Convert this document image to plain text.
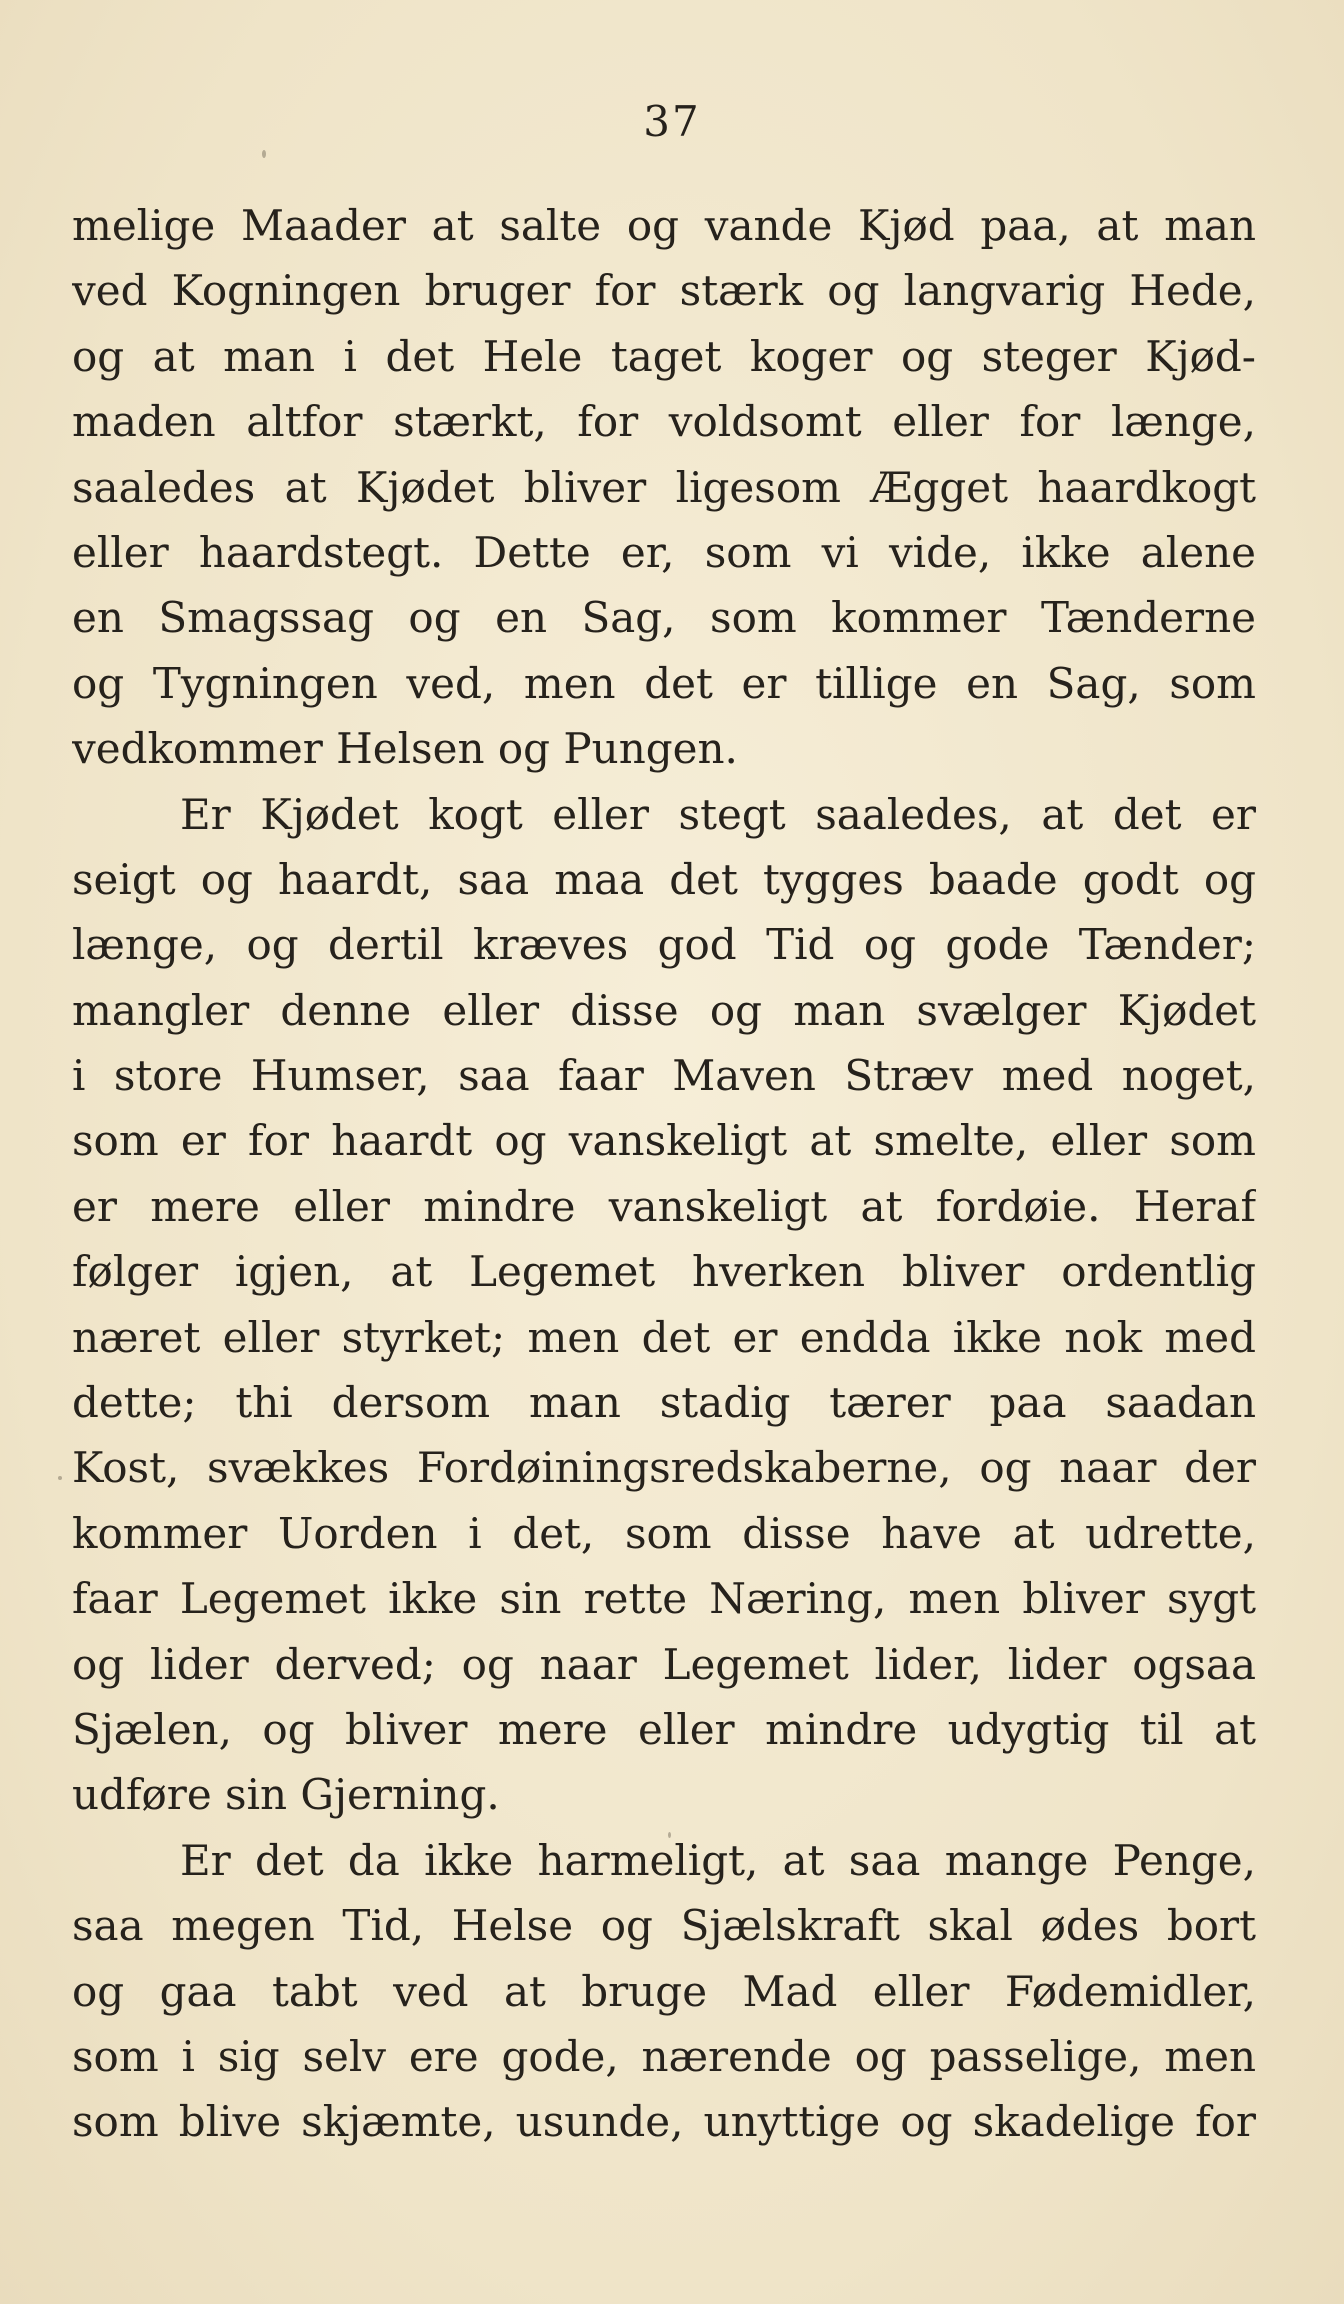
37
melige Maader at salte og vande Kjød paa, at man
ved Kogningen bruger for stærk og langvarig Hede,
og at man i det Hele taget koger og steger Kjød-
maden altfor stærkt, for voldsomt eller for længe,
saaledes at Kjødet bliver ligesom Ægget haardkogt
eller haardstegt. Dette er, som vi vide, ikke alene
en Smagssag og en Sag, som kommer Tænderne
og Tygningen ved, men det er tillige en Sag, som
vedkommer Helsen og Pungen.
Er Kjødet kogt eller stegt saaledes, at det er
seigt og haardt, saa maa det tygges baade godt og
længe, og dertil kræves god Tid og gode Tænder;
mangler denne eller disse og man svælger Kjødet
i store Humser, saa faar Maven Stræv med noget,
som er for haardt og vanskeligt at smelte, eller som
er mere eller mindre vanskeligt at fordøie. Heraf
følger igjen, at Legemet hverken bliver ordentlig
næret eller styrket; men det er endda ikke nok med
dette; thi dersom man stadig tærer paa saadan
Kost, svækkes Fordøiningsredskaberne, og naar der
kommer Uorden i det, som disse have at udrette,
faar Legemet ikke sin rette Næring, men bliver sygt
og lider derved; og naar Legemet lider, lider ogsaa
Sjælen, og bliver mere eller mindre udygtig til at
udføre sin Gjerning.
Er det da ikke harmeligt, at saa mange Penge,
saa megen Tid, Helse og Sjælskraft skal ødes bort
og gaa tabt ved at bruge Mad eller Fødemidler,
som i sig selv ere gode, nærende og passelige, men
som blive skjæmte, usunde, unyttige og skadelige for
